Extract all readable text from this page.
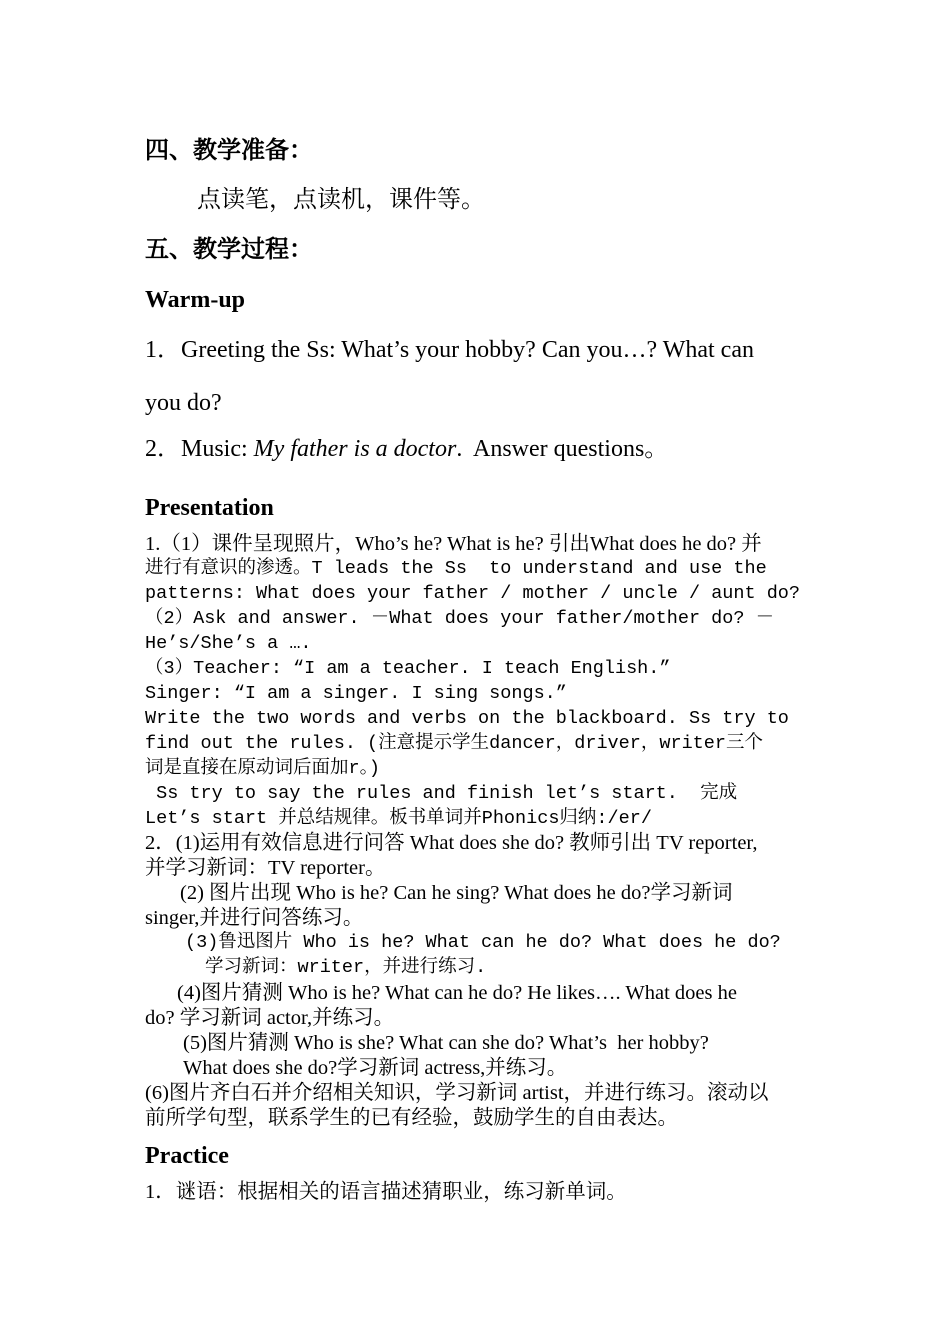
四、教学准备：
点读笔，点读机，课件等。
五、教学过程：
Warm-up
1．Greeting the Ss: What’s your hobby? Can you…? What can
you do?
2．Music: My father is a doctor.  Answer questions。
Presentation
1.（1）课件呈现照片，Who’s he? What is he? 引出What does he do? 并
进行有意识的渗透。T leads the Ss  to understand and use the
patterns: What does your father / mother / uncle / aunt do?
（2）Ask and answer. －What does your father/mother do? －
He’s/She’s a ….
（3）Teacher: “I am a teacher. I teach English.”
Singer: “I am a singer. I sing songs.”
Write the two words and verbs on the blackboard. Ss try to
find out the rules. (注意提示学生dancer，driver，writer三个
词是直接在原动词后面加r。)
Ss try to say the rules and finish let’s start.  完成
Let’s start 并总结规律。板书单词并Phonics归纳:/er/
2．(1)运用有效信息进行问答 What does she do? 教师引出 TV reporter,
并学习新词：TV reporter。
(2) 图片出现 Who is he? Can he sing? What does he do?学习新词
singer,并进行问答练习。
(3)鲁迅图片 Who is he? What can he do? What does he do?
学习新词：writer，并进行练习.
(4)图片猜测 Who is he? What can he do? He likes…. What does he
do? 学习新词 actor,并练习。
(5)图片猜测 Who is she? What can she do? What’s  her hobby?
What does she do?学习新词 actress,并练习。
(6)图片齐白石并介绍相关知识，学习新词 artist，并进行练习。滚动以
前所学句型，联系学生的已有经验，鼓励学生的自由表达。
Practice
1．谜语：根据相关的语言描述猜职业，练习新单词。
